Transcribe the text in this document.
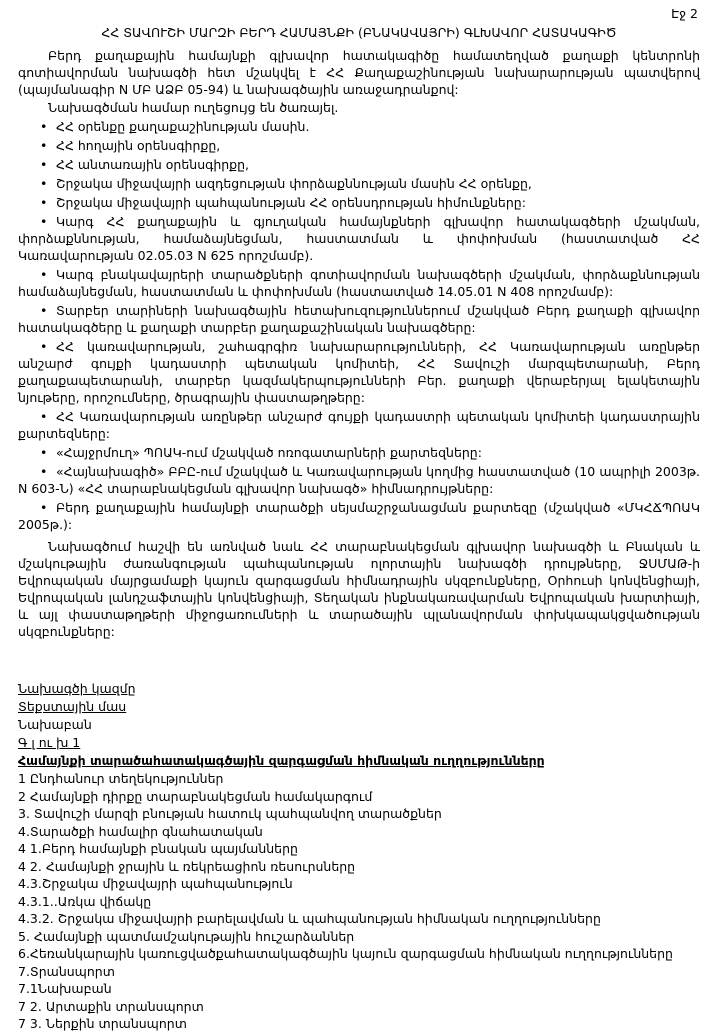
Էջ 2

ՀՀ ՏԱՎՈՒՇԻ ՄԱՐԶԻ ԲԵՐԴ ՀԱՄԱՅՆՔԻ (ԲՆԱԿԱՎԱՅՐԻ) ԳԼԽԱՎՈՐ ՀԱՏԱԿԱԳԻԾ

Բերդ քաղաքային համայնքի գլխավոր հատակագիծը համատեղված քաղաքի կենտրոնի գոտիավորման նախագծի հետ մշակվել է ՀՀ Քաղաքաշինության նախարարության պատվերով (պայմանագիր N ՄԲ ԱՁԲ 05-94) և նախագծային առաջադրանքով:

Նախագծման համար ուղեցույց են ծառայել.

• ՀՀ օրենքը քաղաքաշինության մասին.

• ՀՀ հողային օրենսգիրքը,

• ՀՀ անտառային օրենսգիրքը,

• Շրջակա միջավայրի ազդեցության փորձաքննության մասին ՀՀ օրենքը,

• Շրջակա միջավայրի պահպանության ՀՀ օրենսդրության հիմունքները:

• Կարգ ՀՀ քաղաքային և գյուղական համայնքների գլխավոր հատակագծերի մշակման, փորձաքննության, համաձայնեցման, հաստատման և փոփոխման (հաստատված ՀՀ Կառավարության 02.05.03 N 625 որոշմամբ).

• Կարգ բնակավայրերի տարածքների գոտիավորման նախագծերի մշակման, փորձաքննության համաձայնեցման, հաստատման և փոփոխման (հաստատված 14.05.01 N 408 որոշմամբ):

• Տարբեր տարիների նախագծային հետախուզություններում մշակված Բերդ քաղաքի գլխավոր հատակագծերը և քաղաքի տարբեր քաղաքաշինական նախագծերը:

• ՀՀ կառավարության, շահագրգիռ նախարարությունների, ՀՀ Կառավարության առընթեր անշարժ գույքի կադաստրի պետական կոմիտեի, ՀՀ Տավուշի մարզպետարանի, Բերդ քաղաքապետարանի, տարբեր կազմակերպությունների Բեր. քաղաքի վերաբերյալ ելակետային նյութերը, որոշումները, ծրագրային փաստաթղթերը:

• ՀՀ Կառավարության առընթեր անշարժ գույքի կադաստրի պետական կոմիտեի կադաստրային քարտեզները:

• «Հայջրմուղ» ՊՈԱԿ-ում մշակված ոռոգատարների քարտեզները:

• «Հայնախագիծ» ԲԲԸ-ում մշակված և Կառավարության կողմից հաստատված (10 ապրիլի 2003թ. N 603-Ն) «ՀՀ տարաբնակեցման գլխավոր նախագծ» հիմնադրույթները:

• Բերդ քաղաքային համայնքի տարածքի սեյսմաշրջանացման քարտեզը (մշակված «ՄԿՀՃՊՈԱԿ 2005թ.):

Նախագծում հաշվի են առնված նաև ՀՀ տարաբնակեցման գլխավոր նախագծի և Բնական և մշակութային ժառանգության պահպանության ոլորտային նախագծի դրույթները, ՋՍՄԱԹ-ի Եվրոպական մայրցամաքի կայուն զարգացման հիմնադրային սկզբունքները, Օրհուսի կոնվենցիայի, Եվրոպական լանդշաֆտային կոնվենցիայի, Տեղական ինքնակառավարման Եվրոպական խարտիայի, և այլ փաստաթղթերի միջոցառումների և տարածային պլանավորման փոխկապակցվածության սկզբունքները:

Նախագծի կազմը

Տեքստային մաս

Նախաբան

Գ լ ու խ 1

Համայնքի տարածահատակագծային զարգացման հիմնական ուղղությունները

1 Ընդհանուր տեղեկություններ

2 Համայնքի դիրքը տարաբնակեցման համակարգում

3. Տավուշի մարզի բնության հատուկ պահպանվող տարածքներ

4.Տարածքի համալիր գնահատական

4 1.Բերդ համայնքի բնական պայմանները

4 2. Համայնքի ջրային և ռեկրեացիոն ռեսուրսները

4.3.Շրջակա միջավայրի պահպանություն

4.3.1..Առկա վիճակը

4.3.2. Շրջակա միջավայրի բարելավման և պահպանության հիմնական ուղղությունները

5. Համայնքի պատմամշակութային հուշարձաններ

6.Հեռանկարային կառուցվածքահատակագծային կայուն զարգացման հիմնական ուղղությունները

7.Տրանսպորտ

7.1Նախաբան

7 2. Արտաքին տրանսպորտ

7 3. Ներքին տրանսպորտ
